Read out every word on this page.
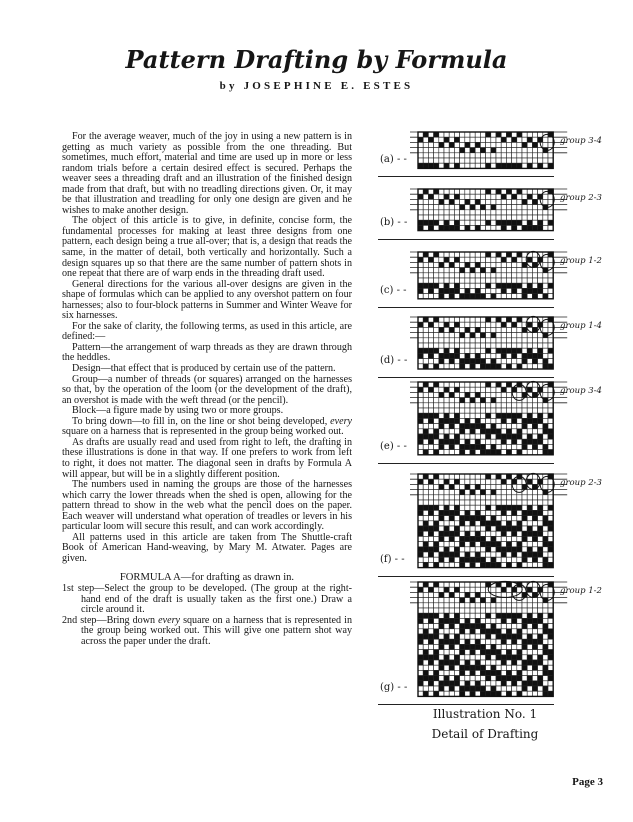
Pattern Drafting by Formula
by JOSEPHINE E. ESTES

For the average weaver, much of the joy in using a new pattern is in getting as much variety as possible from the one threading. But sometimes, much effort, material and time are used up in more or less random trials before a certain desired effect is secured. Perhaps the weaver sees a threading draft and an illustration of the finished design made from that draft, but with no treadling directions given. Or, it may be that illustration and treadling for only one design are given and he wishes to make another design.

The object of this article is to give, in definite, concise form, the fundamental processes for making at least three designs from one pattern, each design being a true all-over; that is, a design that reads the same, in the matter of detail, both vertically and horizontally. Such a design squares up so that there are the same number of pattern shots in one repeat that there are of warp ends in the threading draft used.

General directions for the various all-over designs are given in the shape of formulas which can be applied to any overshot pattern on four harnesses; also to four-block patterns in Summer and Winter Weave for six harnesses.

For the sake of clarity, the following terms, as used in this article, are defined:—

Pattern—the arrangement of warp threads as they are drawn through the heddles.

Design—that effect that is produced by certain use of the pattern.

Group—a number of threads (or squares) arranged on the harnesses so that, by the operation of the loom (or the development of the draft), an overshot is made with the weft thread (or the pencil).

Block—a figure made by using two or more groups.

To bring down—to fill in, on the line or shot being developed, every square on a harness that is represented in the group being worked out.

As drafts are usually read and used from right to left, the drafting in these illustrations is done in that way. If one prefers to work from left to right, it does not matter. The diagonal seen in drafts by Formula A will appear, but will be in a slightly different position.

The numbers used in naming the groups are those of the harnesses which carry the lower threads when the shed is open, allowing for the pattern thread to show in the web what the pencil does on the paper. Each weaver will understand what operation of treadles or levers in his particular loom will secure this result, and can work accordingly.

All patterns used in this article are taken from The Shuttle-craft Book of American Hand-weaving, by Mary M. Atwater. Pages are given.

FORMULA A—for drafting as drawn in.

1st step—Select the group to be developed. (The group at the right-hand end of the draft is usually taken as the first one.) Draw a circle around it.

2nd step—Bring down every square on a harness that is represented in the group being worked out. This will give one pattern shot way across the paper under the draft.

(a) - -
group 3-4
(b) - -
group 2-3
(c) - -
group 1-2
(d) - -
group 1-4
(e) - -
group 3-4
(f) - -
group 2-3
(g) - -
group 1-2
Illustration No. 1
Detail of Drafting
Page 3
